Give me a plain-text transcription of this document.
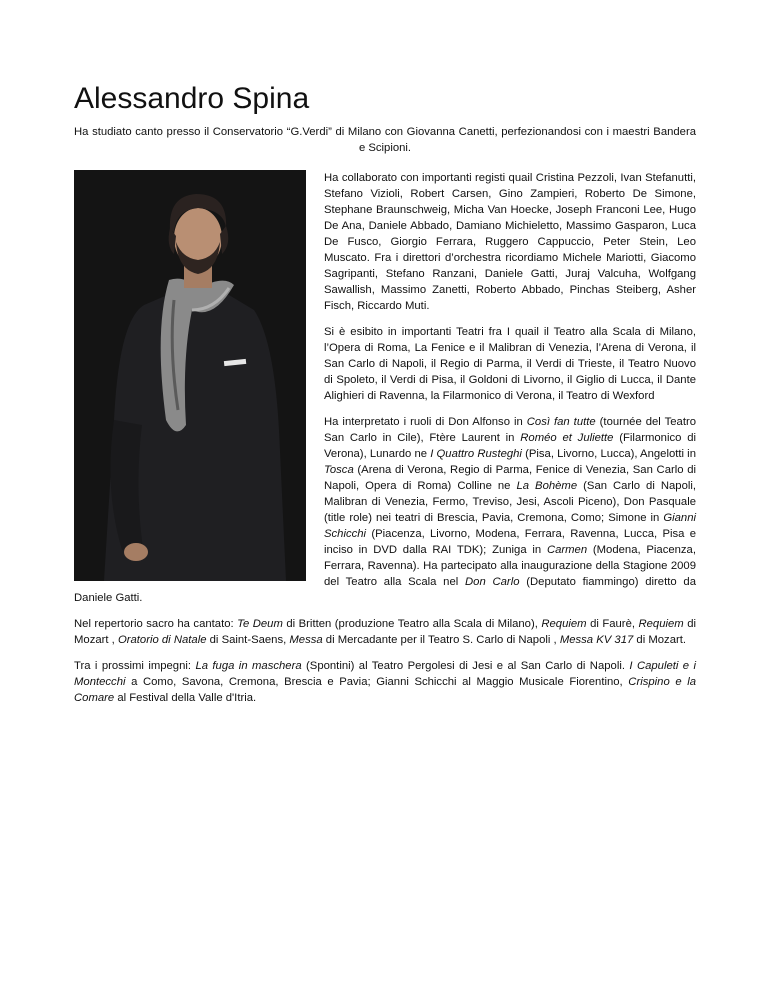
Alessandro Spina

Ha studiato canto presso il Conservatorio “G.Verdi” di Milano con Giovanna Canetti, perfezionandosi con i maestri Bandera e Scipioni.

Ha collaborato con importanti registi quail Cristina Pezzoli, Ivan Stefanutti, Stefano Vizioli, Robert Carsen, Gino Zampieri, Roberto De Simone, Stephane Braunschweig, Micha Van Hoecke, Joseph Franconi Lee, Hugo De Ana, Daniele Abbado, Damiano Michieletto, Massimo Gasparon, Luca De Fusco, Giorgio Ferrara, Ruggero Cappuccio, Peter Stein, Leo Muscato. Fra i direttori d’orchestra ricordiamo Michele Mariotti, Giacomo Sagripanti, Stefano Ranzani, Daniele Gatti, Juraj Valcuha, Wolfgang Sawallish, Massimo Zanetti, Roberto Abbado, Pinchas Steiberg, Asher Fisch, Riccardo Muti.

Si è esibito in importanti Teatri fra I quail il Teatro alla Scala di Milano, l’Opera di Roma, La Fenice e il Malibran di Venezia, l’Arena di Verona, il San Carlo di Napoli, il Regio di Parma, il Verdi di Trieste, il Teatro Nuovo di Spoleto, il Verdi di Pisa, il Goldoni di Livorno, il Giglio di Lucca, il Dante Alighieri di Ravenna, la Filarmonico di Verona, il Teatro di Wexford

Ha interpretato i ruoli di Don Alfonso in Così fan tutte (tournée del Teatro San Carlo in Cile), Ftère Laurent in Roméo et Juliette (Filarmonico di Verona), Lunardo ne I Quattro Rusteghi (Pisa, Livorno, Lucca), Angelotti in Tosca (Arena di Verona, Regio di Parma, Fenice di Venezia, San Carlo di Napoli, Opera di Roma) Colline ne La Bohème (San Carlo di Napoli, Malibran di Venezia, Fermo, Treviso, Jesi, Ascoli Piceno), Don Pasquale (title role) nei teatri di Brescia, Pavia, Cremona, Como; Simone in Gianni Schicchi (Piacenza, Livorno, Modena, Ferrara, Ravenna, Lucca, Pisa e inciso in DVD dalla RAI TDK); Zuniga in Carmen (Modena, Piacenza, Ferrara, Ravenna). Ha partecipato alla inaugurazione della Stagione 2009 del Teatro alla Scala nel Don Carlo (Deputato fiammingo) diretto da Daniele Gatti.

Nel repertorio sacro ha cantato: Te Deum di Britten (produzione Teatro alla Scala di Milano), Requiem di Faurè, Requiem di Mozart , Oratorio di Natale di Saint-Saens, Messa di Mercadante per il Teatro S. Carlo di Napoli , Messa KV 317 di Mozart.

Tra i prossimi impegni: La fuga in maschera (Spontini) al Teatro Pergolesi di Jesi e al San Carlo di Napoli. I Capuleti e i Montecchi a Como, Savona, Cremona, Brescia e Pavia; Gianni Schicchi al Maggio Musicale Fiorentino, Crispino e la Comare al Festival della Valle d'Itria.
